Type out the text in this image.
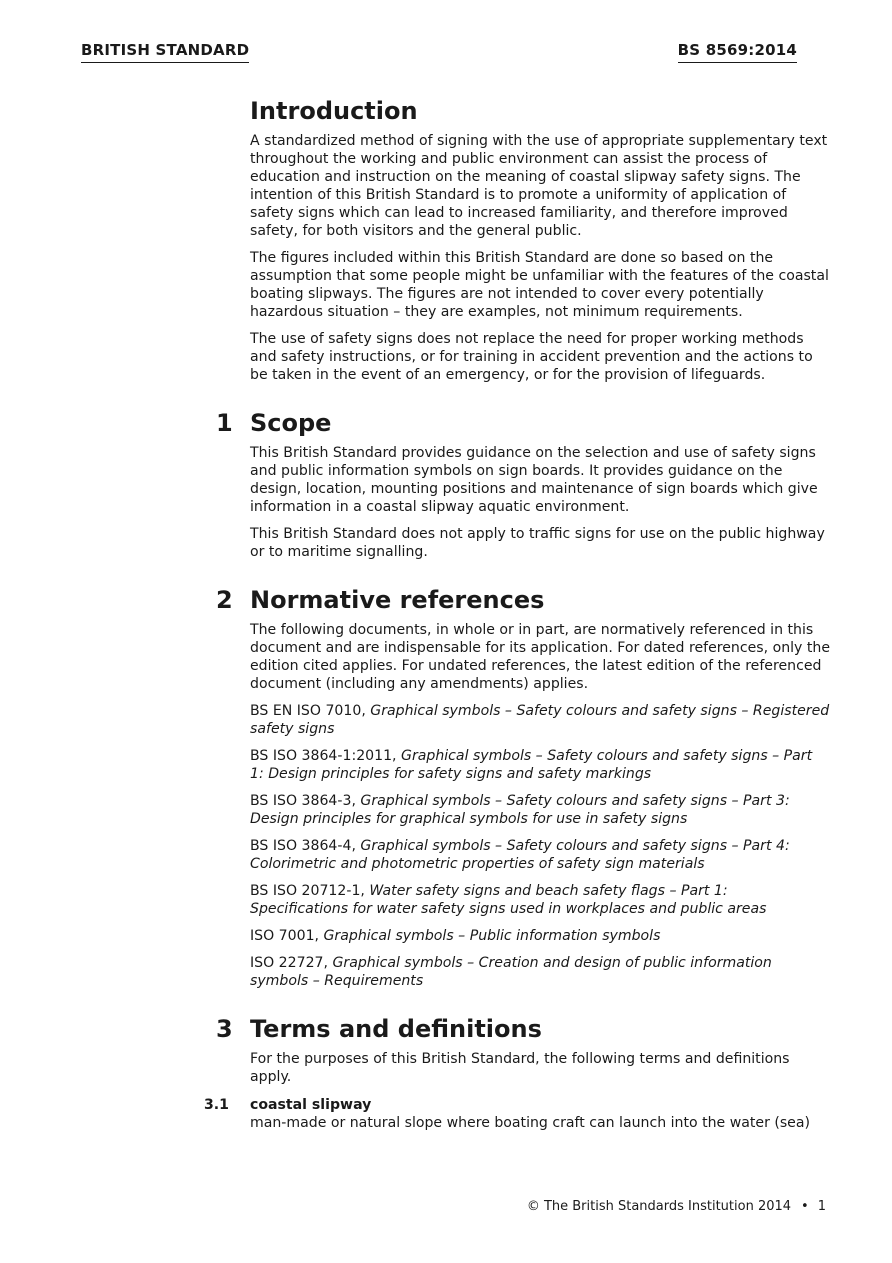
BRITISH STANDARD	BS 8569:2014
Introduction

A standardized method of signing with the use of appropriate supplementary text throughout the working and public environment can assist the process of education and instruction on the meaning of coastal slipway safety signs. The intention of this British Standard is to promote a uniformity of application of safety signs which can lead to increased familiarity, and therefore improved safety, for both visitors and the general public.

The figures included within this British Standard are done so based on the assumption that some people might be unfamiliar with the features of the coastal boating slipways. The figures are not intended to cover every potentially hazardous situation – they are examples, not minimum requirements.

The use of safety signs does not replace the need for proper working methods and safety instructions, or for training in accident prevention and the actions to be taken in the event of an emergency, or for the provision of lifeguards.

1 Scope

This British Standard provides guidance on the selection and use of safety signs and public information symbols on sign boards. It provides guidance on the design, location, mounting positions and maintenance of sign boards which give information in a coastal slipway aquatic environment.

This British Standard does not apply to traffic signs for use on the public highway or to maritime signalling.

2 Normative references

The following documents, in whole or in part, are normatively referenced in this document and are indispensable for its application. For dated references, only the edition cited applies. For undated references, the latest edition of the referenced document (including any amendments) applies.

BS EN ISO 7010, Graphical symbols – Safety colours and safety signs – Registered safety signs

BS ISO 3864-1:2011, Graphical symbols – Safety colours and safety signs – Part 1: Design principles for safety signs and safety markings

BS ISO 3864-3, Graphical symbols – Safety colours and safety signs – Part 3: Design principles for graphical symbols for use in safety signs

BS ISO 3864-4, Graphical symbols – Safety colours and safety signs – Part 4: Colorimetric and photometric properties of safety sign materials

BS ISO 20712-1, Water safety signs and beach safety flags – Part 1: Specifications for water safety signs used in workplaces and public areas

ISO 7001, Graphical symbols – Public information symbols

ISO 22727, Graphical symbols – Creation and design of public information symbols – Requirements

3 Terms and definitions

For the purposes of this British Standard, the following terms and definitions apply.

3.1 coastal slipway

man-made or natural slope where boating craft can launch into the water (sea)

© The British Standards Institution 2014 • 1
